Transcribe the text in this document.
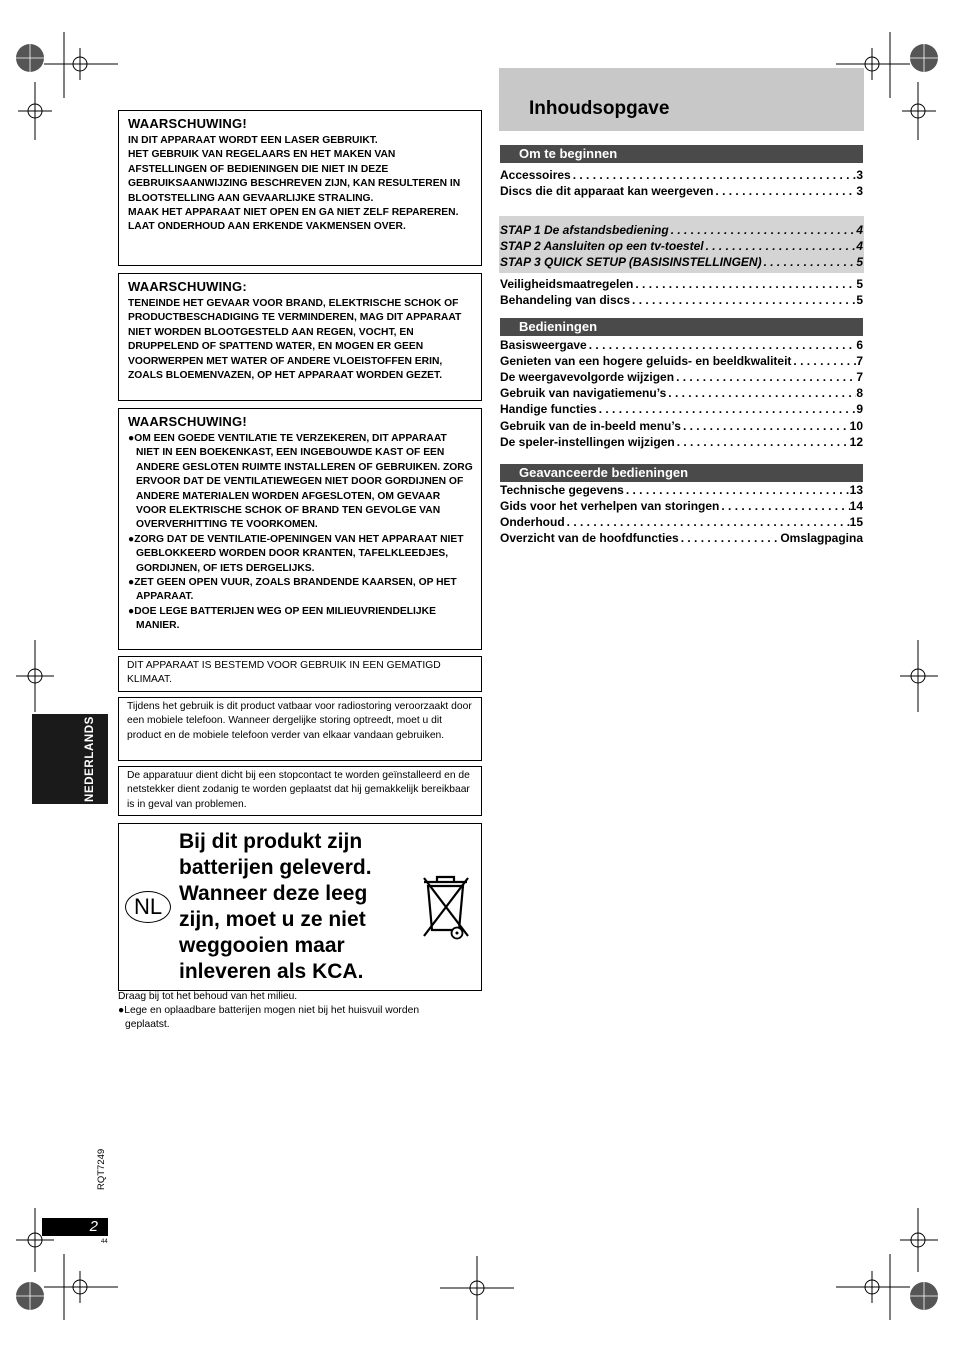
NEDERLANDS
WAARSCHUWING!

IN DIT APPARAAT WORDT EEN LASER GEBRUIKT.

HET GEBRUIK VAN REGELAARS EN HET MAKEN VAN AFSTELLINGEN OF BEDIENINGEN DIE NIET IN DEZE GEBRUIKSAANWIJZING BESCHREVEN ZIJN, KAN RESULTEREN IN BLOOTSTELLING AAN GEVAARLIJKE STRALING.

MAAK HET APPARAAT NIET OPEN EN GA NIET ZELF REPAREREN. LAAT ONDERHOUD AAN ERKENDE VAKMENSEN OVER.

WAARSCHUWING:

TENEINDE HET GEVAAR VOOR BRAND, ELEKTRISCHE SCHOK OF PRODUCTBESCHADIGING TE VERMINDEREN, MAG DIT APPARAAT NIET WORDEN BLOOTGESTELD AAN REGEN, VOCHT, EN DRUPPELEND OF SPATTEND WATER, EN MOGEN ER GEEN VOORWERPEN MET WATER OF ANDERE VLOEISTOFFEN ERIN, ZOALS BLOEMENVAZEN, OP HET APPARAAT WORDEN GEZET.

WAARSCHUWING!

●OM EEN GOEDE VENTILATIE TE VERZEKEREN, DIT APPARAAT NIET IN EEN BOEKENKAST, EEN INGEBOUWDE KAST OF EEN ANDERE GESLOTEN RUIMTE INSTALLEREN OF GEBRUIKEN. ZORG ERVOOR DAT DE VENTILATIEWEGEN NIET DOOR GORDIJNEN OF ANDERE MATERIALEN WORDEN AFGESLOTEN, OM GEVAAR VOOR ELEKTRISCHE SCHOK OF BRAND TEN GEVOLGE VAN OVERVERHITTING TE VOORKOMEN.

●ZORG DAT DE VENTILATIE-OPENINGEN VAN HET APPARAAT NIET GEBLOKKEERD WORDEN DOOR KRANTEN, TAFELKLEEDJES, GORDIJNEN, OF IETS DERGELIJKS.

●ZET GEEN OPEN VUUR, ZOALS BRANDENDE KAARSEN, OP HET APPARAAT.

●DOE LEGE BATTERIJEN WEG OP EEN MILIEUVRIENDELIJKE MANIER.

DIT APPARAAT IS BESTEMD VOOR GEBRUIK IN EEN GEMATIGD KLIMAAT.
Tijdens het gebruik is dit product vatbaar voor radiostoring veroorzaakt door een mobiele telefoon. Wanneer dergelijke storing optreedt, moet u dit product en de mobiele telefoon verder van elkaar vandaan gebruiken.
De apparatuur dient dicht bij een stopcontact te worden geïnstalleerd en de netstekker dient zodanig te worden geplaatst dat hij gemakkelijk bereikbaar is in geval van problemen.
NL
Bij dit produkt zijn batterijen geleverd. Wanneer deze leeg zijn, moet u ze niet weggooien maar inleveren als KCA.
Draag bij tot het behoud van het milieu.
●Lege en oplaadbare batterijen mogen niet bij het huisvuil worden geplaatst.
RQT7249
2
44
Inhoudsopgave
Om te beginnen
Accessoires . . .	3
Discs die dit apparaat kan weergeven . . .	3
STAP 1 De afstandsbediening . . .	4
STAP 2 Aansluiten op een tv-toestel . . .	4
STAP 3 QUICK SETUP (BASISINSTELLINGEN) . . .	5
Veiligheidsmaatregelen . . .	5
Behandeling van discs . . .	5
Bedieningen
Basisweergave . . .	6
Genieten van een hogere geluids- en beeldkwaliteit . . .	7
De weergavevolgorde wijzigen . . .	7
Gebruik van navigatiemenu’s . . .	8
Handige functies . . .	9
Gebruik van de in-beeld menu’s . . .	10
De speler-instellingen wijzigen . . .	12
Geavanceerde bedieningen
Technische gegevens . . .	13
Gids voor het verhelpen van storingen . . .	14
Onderhoud . . .	15
Overzicht van de hoofdfuncties . . .	Omslagpagina
